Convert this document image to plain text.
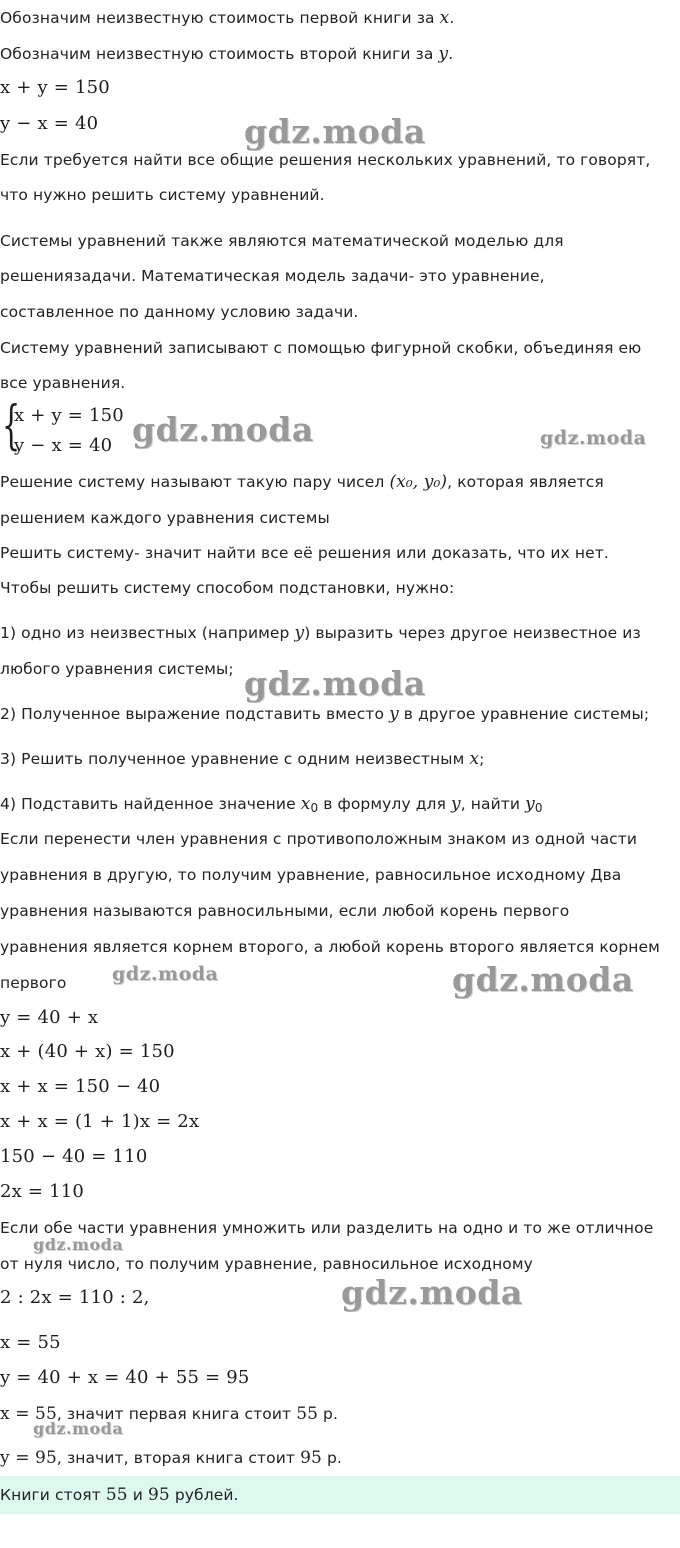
Обозначим неизвестную стоимость первой книги за x.
Обозначим неизвестную стоимость второй книги за y.
x + y = 150
y − x = 40
Если требуется найти все общие решения нескольких уравнений, то говорят,
что нужно решить систему уравнений.
Системы уравнений также являются математической моделью для
решениязадачи. Математическая модель задачи- это уравнение,
составленное по данному условию задачи.
Систему уравнений записывают с помощью фигурной скобки, объединяя ею
все уравнения.
{
x + y = 150
y − x = 40
Решение систему называют такую пару чисел (x₀, y₀), которая является
решением каждого уравнения системы
Решить систему- значит найти все её решения или доказать, что их нет.
Чтобы решить систему способом подстановки, нужно:
1) одно из неизвестных (например y) выразить через другое неизвестное из
любого уравнения системы;
2) Полученное выражение подставить вместо y в другое уравнение системы;
3) Решить полученное уравнение с одним неизвестным x;
4) Подставить найденное значение $x_0$ в формулу для y, найти $y_0$
Если перенести член уравнения с противоположным знаком из одной части
уравнения в другую, то получим уравнение, равносильное исходному Два
уравнения называются равносильными, если любой корень первого
уравнения является корнем второго, а любой корень второго является корнем
первого
y = 40 + x
x + (40 + x) = 150
x + x = 150 − 40
x + x = (1 + 1)x = 2x
150 − 40 = 110
2x = 110
Если обе части уравнения умножить или разделить на одно и то же отличное
от нуля число, то получим уравнение, равносильное исходному
2 : 2x = 110 : 2,
x = 55
y = 40 + x = 40 + 55 = 95
x = 55, значит первая книга стоит 55 р.
y = 95, значит, вторая книга стоит 95 р.
Книги стоят 55 и 95 рублей.
gdz.moda
gdz.moda	gdz.moda
gdz.moda
gdz.moda	gdz.moda
gdz.moda
gdz.moda
gdz.moda
